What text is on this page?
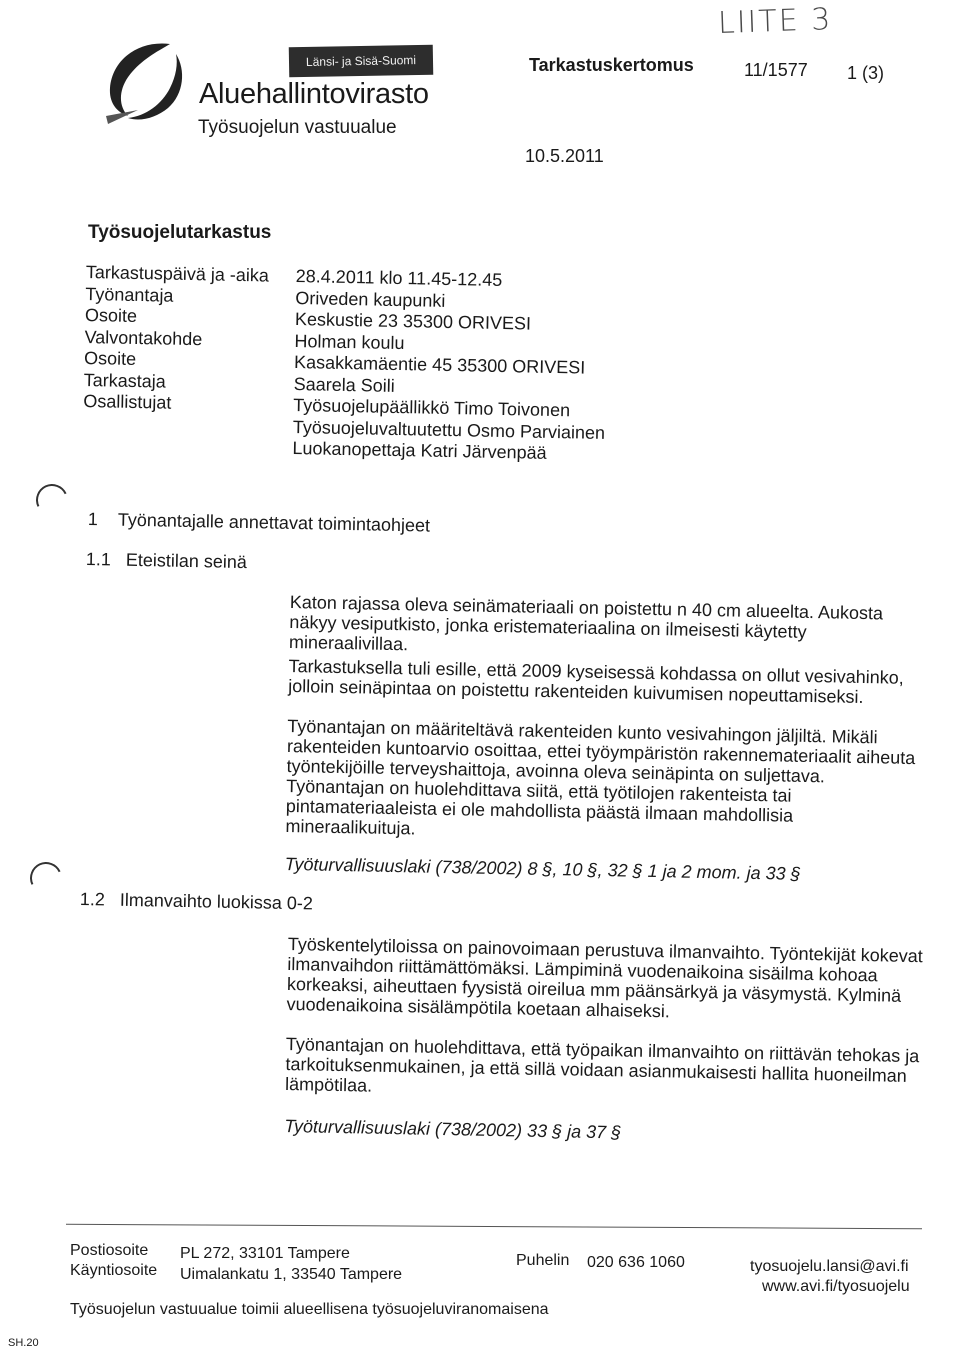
LIITE 3
Länsi- ja Sisä-Suomi
Aluehallintovirasto
Työsuojelun vastuualue
Tarkastuskertomus	11/1577 1 (3)
10.5.2011
Työsuojelutarkastus
Tarkastuspäivä ja -aika 28.4.2011 klo 11.45-12.45
Työnantaja	Oriveden kaupunki
Osoite	Keskustie 23 35300 ORIVESI
Valvontakohde	Holman koulu
Osoite	Kasakkamäentie 45 35300 ORIVESI
Tarkastaja	Saarela Soili
Osallistujat	Työsuojelupäällikkö Timo Toivonen
Työsuojeluvaltuutettu Osmo Parviainen
Luokanopettaja Katri Järvenpää
1 Työnantajalle annettavat toimintaohjeet
1.1 Eteistilan seinä

Katon rajassa oleva seinämateriaali on poistettu n 40 cm alueelta. Aukosta näkyy vesiputkisto, jonka eristemateriaalina on ilmeisesti käytetty mineraalivillaa.

Tarkastuksella tuli esille, että 2009 kyseisessä kohdassa on ollut vesivahinko, jolloin seinäpintaa on poistettu rakenteiden kuivumisen nopeuttamiseksi.

Työnantajan on määriteltävä rakenteiden kunto vesivahingon jäljiltä. Mikäli rakenteiden kuntoarvio osoittaa, ettei työympäristön rakennemateriaalit aiheuta työntekijöille terveyshaittoja, avoinna oleva seinäpinta on suljettava. Työnantajan on huolehdittava siitä, että työtilojen rakenteista tai pintamateriaaleista ei ole mahdollista päästä ilmaan mahdollisia mineraalikuituja.

Työturvallisuuslaki (738/2002) 8 §, 10 §, 32 § 1 ja 2 mom. ja 33 §

1.2 Ilmanvaihto luokissa 0-2

Työskentelytiloissa on painovoimaan perustuva ilmanvaihto. Työntekijät kokevat ilmanvaihdon riittämättömäksi. Lämpiminä vuodenaikoina sisäilma kohoaa korkeaksi, aiheuttaen fyysistä oireilua mm päänsärkyä ja väsymystä. Kylminä vuodenaikoina sisälämpötila koetaan alhaiseksi.

Työnantajan on huolehdittava, että työpaikan ilmanvaihto on riittävän tehokas ja tarkoituksenmukainen, ja että sillä voidaan asianmukaisesti hallita huoneilman lämpötilaa.

Työturvallisuuslaki (738/2002) 33 § ja 37 §

Postiosoite PL 272, 33101 Tampere
Käyntiosoite Uimalankatu 1, 33540 Tampere
Puhelin 020 636 1060	tyosuojelu.lansi@avi.fi
www.avi.fi/tyosuojelu
Työsuojelun vastuualue toimii alueellisena työsuojeluviranomaisena
SH.20
